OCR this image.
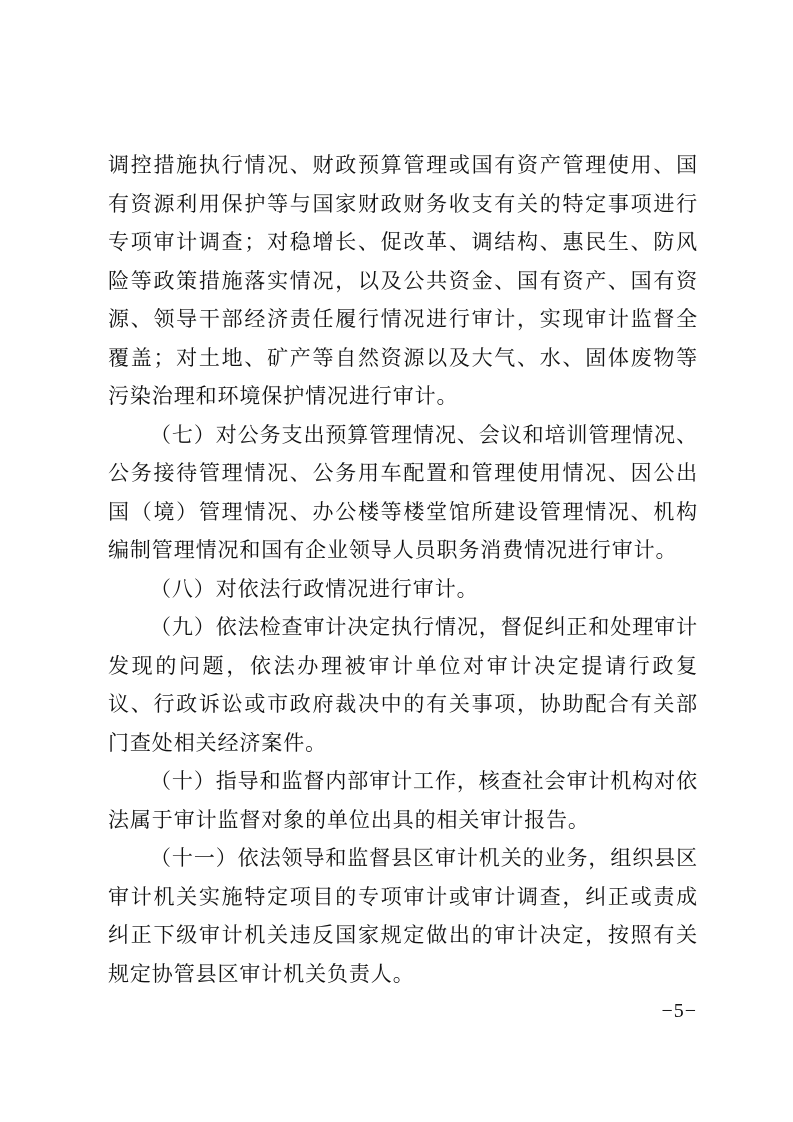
调控措施执行情况、财政预算管理或国有资产管理使用、国有资源利用保护等与国家财政财务收支有关的特定事项进行专项审计调查；对稳增长、促改革、调结构、惠民生、防风险等政策措施落实情况，以及公共资金、国有资产、国有资源、领导干部经济责任履行情况进行审计，实现审计监督全覆盖；对土地、矿产等自然资源以及大气、水、固体废物等污染治理和环境保护情况进行审计。

（七）对公务支出预算管理情况、会议和培训管理情况、公务接待管理情况、公务用车配置和管理使用情况、因公出国（境）管理情况、办公楼等楼堂馆所建设管理情况、机构编制管理情况和国有企业领导人员职务消费情况进行审计。

（八）对依法行政情况进行审计。

（九）依法检查审计决定执行情况，督促纠正和处理审计发现的问题，依法办理被审计单位对审计决定提请行政复议、行政诉讼或市政府裁决中的有关事项，协助配合有关部门查处相关经济案件。

（十）指导和监督内部审计工作，核查社会审计机构对依法属于审计监督对象的单位出具的相关审计报告。

（十一）依法领导和监督县区审计机关的业务，组织县区审计机关实施特定项目的专项审计或审计调查，纠正或责成纠正下级审计机关违反国家规定做出的审计决定，按照有关规定协管县区审计机关负责人。

−5−
